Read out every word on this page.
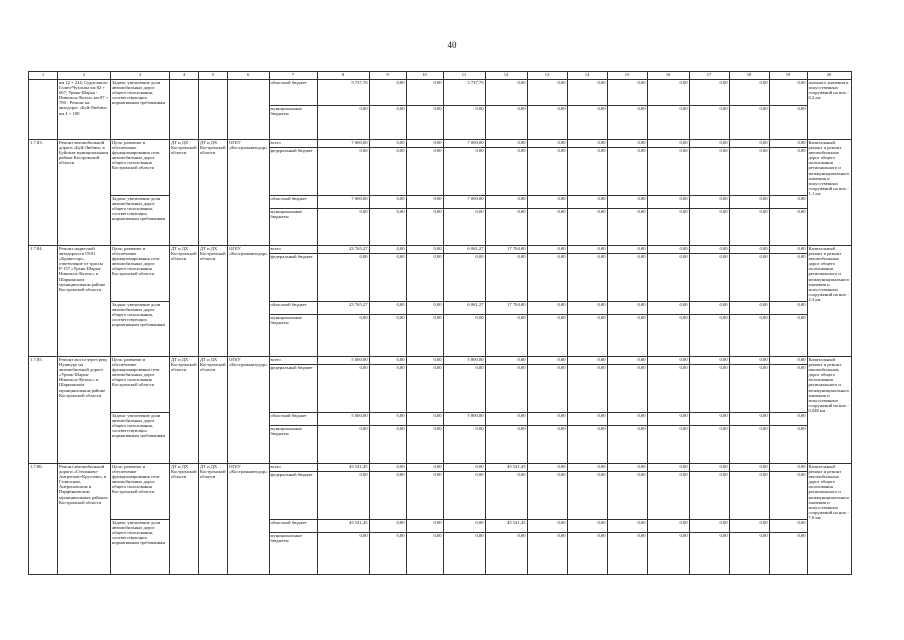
40
1	2	3	4	5	6	7	8	9	10	11	12	13	14	15	16	17	18	19	20
	км 12 + 214; Судиславль-Галич-Чухлома км 82 + 667; Урень-Шарья - Никольск-Котлас км 87 + 700 - Ремонт на автодорог «Буй-Любим» км 4 + 180	Задача: увеличение доли автомобильных дорог общего пользования, соответствующих нормативным требованиям				областной бюджет	5 737,70	0,00	0,00	5 737,70	0,00	0,00	0,00	0,00	0,00	0,00	0,00	0,00	пального значения и искусственных сооружений на них - 0,2 км
						муниципальные бюджеты	0,00	0,00	0,00	0,00	0,00	0,00	0,00	0,00	0,00	0,00	0,00	0,00	
1.7.83.	Ремонт автомобильной дороги «Буй-Любим» в Буйском муниципальном районе Костромской области	Цель: развитие и обеспечение функционирования сети автомобильных дорог общего пользования Костромской области	ДТ и ДХ Костромской области	ДТ и ДХ Костромской области	ОГБУ «Костромаавтодор»	всего	7 000,00	0,00	0,00	7 000,00	0,00	0,00	0,00	0,00	0,00	0,00	0,00	0,00	Капитальный ремонт и ремонт автомобильных дорог общего пользования регионального и межмуниципального значения и искусственных сооружений на них - 1,1 км
						федеральный бюджет	0,00	0,00	0,00	0,00	0,00	0,00	0,00	0,00	0,00	0,00	0,00	0,00	
		Задача: увеличение доли автомобильных дорог общего пользования, соответствующих нормативным требованиям				областной бюджет	7 000,00	0,00	0,00	7 000,00	0,00	0,00	0,00	0,00	0,00	0,00	0,00	0,00	
						муниципальные бюджеты	0,00	0,00	0,00	0,00	0,00	0,00	0,00	0,00	0,00	0,00	0,00	0,00	
1.7.84.	Ремонт надвесной автодороги в ООО «Кравестар», ответвление от трассы Р-157 «Урень-Шарья-Никольск-Котлас» в Шарьинском муниципальном районе Костромской области	Цель: развитие и обеспечение функционирования сети автомобильных дорог общего пользования Костромской области	ДТ и ДХ Костромской области	ДТ и ДХ Костромской области	ОГБУ «Костромаавтодор»	всего	23 765,27	0,00	0,00	6 061,27	17 704,00	0,00	0,00	0,00	0,00	0,00	0,00	0,00	Капитальный ремонт и ремонт автомобильных дорог общего пользования регионального и межмуниципального значения и искусственных сооружений на них - 2,3 км
						федеральный бюджет	0,00	0,00	0,00	0,00	0,00	0,00	0,00	0,00	0,00	0,00	0,00	0,00	
		Задача: увеличение доли автомобильных дорог общего пользования, соответствующих нормативным требованиям				областной бюджет	23 765,27	0,00	0,00	6 061,27	17 704,00	0,00	0,00	0,00	0,00	0,00	0,00	0,00	
						муниципальные бюджеты	0,00	0,00	0,00	0,00	0,00	0,00	0,00	0,00	0,00	0,00	0,00	0,00	
1.7.85.	Ремонт моста через реку Нушкуро на автомобильной дороге «Урень-Шарья-Никольск-Котлас» в Шарьинском муниципальном районе Костромской области	Цель: развитие и обеспечение функционирования сети автомобильных дорог общего пользования Костромской области	ДТ и ДХ Костромской области	ДТ и ДХ Костромской области	ОГБУ «Костромаавтодор»	всего	5 000,00	0,00	0,00	5 000,00	0,00	0,00	0,00	0,00	0,00	0,00	0,00	0,00	Капитальный ремонт и ремонт автомобильных дорог общего пользования регионального и межмуниципального значения и искусственных сооружений на них - 0,048 км
						федеральный бюджет	0,00	0,00	0,00	0,00	0,00	0,00	0,00	0,00	0,00	0,00	0,00	0,00	
		Задача: увеличение доли автомобильных дорог общего пользования, соответствующих нормативным требованиям				областной бюджет	5 000,00	0,00	0,00	5 000,00	0,00	0,00	0,00	0,00	0,00	0,00	0,00	0,00	
						муниципальные бюджеты	0,00	0,00	0,00	0,00	0,00	0,00	0,00	0,00	0,00	0,00	0,00	0,00	
1.7.86.	Ремонт автомобильной дороги «Степаново-Антропово-Круглово» в Галичском, Антроповском и Парфеньевском муниципальных районах Костромской области	Цель: развитие и обеспечение функционирования сети автомобильных дорог общего пользования Костромской области	ДТ и ДХ Костромской области	ДТ и ДХ Костромской области	ОГБУ «Костромаавтодор»	всего	45 541,45	0,00	0,00	0,00	45 541,45	0,00	0,00	0,00	0,00	0,00	0,00	0,00	Капитальный ремонт и ремонт автомобильных дорог общего пользования регионального и межмуниципального значения и искусственных сооружений на них - 7,0 км
						федеральный бюджет	0,00	0,00	0,00	0,00	0,00	0,00	0,00	0,00	0,00	0,00	0,00	0,00	
		Задача: увеличение доли автомобильных дорог общего пользования, соответствующих нормативным требованиям				областной бюджет	45 541,45	0,00	0,00	0,00	45 541,45	0,00	0,00	0,00	0,00	0,00	0,00	0,00	
						муниципальные бюджеты	0,00	0,00	0,00	0,00	0,00	0,00	0,00	0,00	0,00	0,00	0,00	0,00	
